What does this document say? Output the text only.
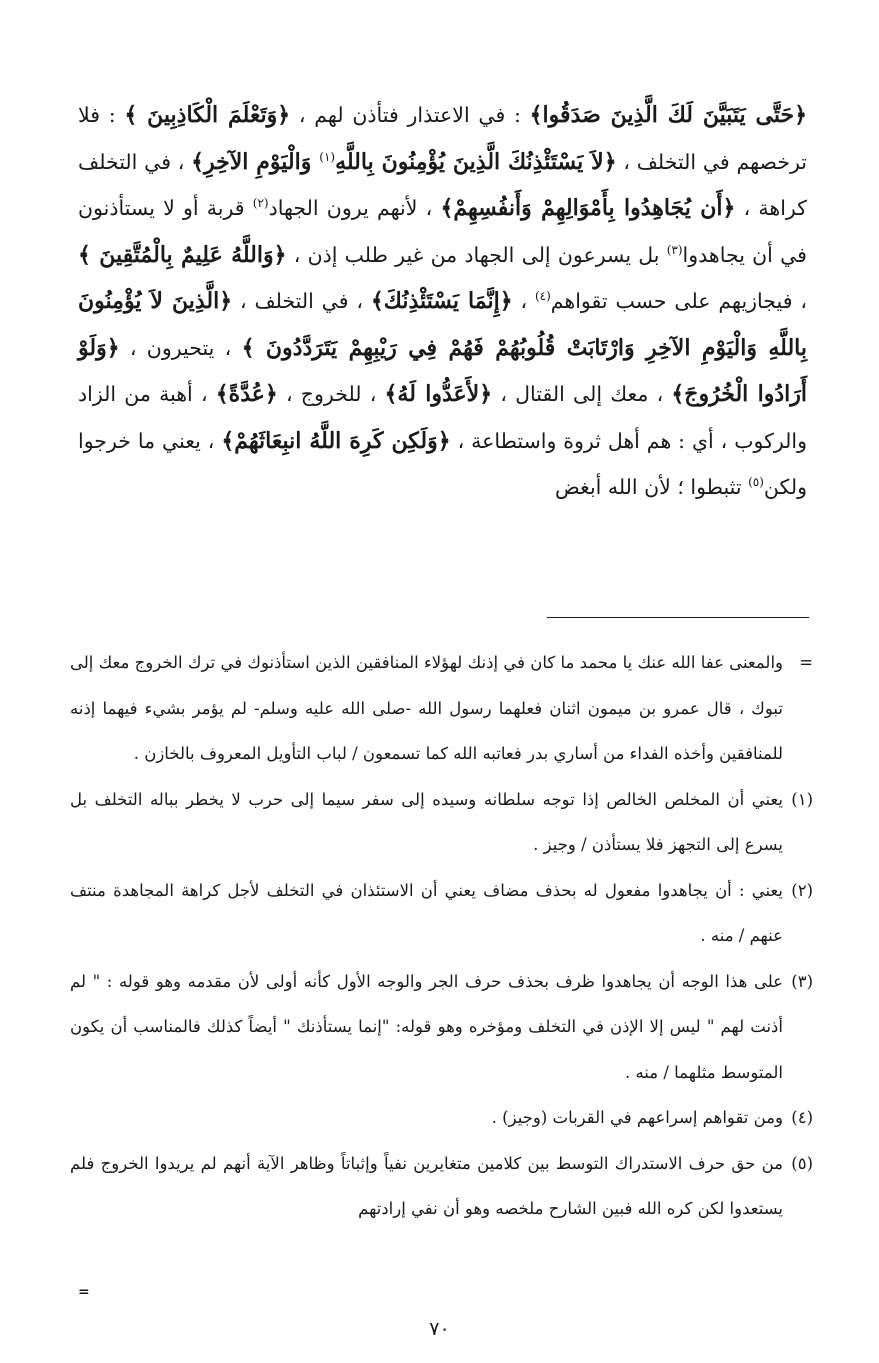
﴿حَتَّى يَتَبَيَّنَ لَكَ الَّذِينَ صَدَقُوا﴾ : في الاعتذار فتأذن لهم ، ﴿وَتَعْلَمَ الْكَاذِبِينَ ﴾ : فلا ترخصهم في التخلف ، ﴿لاَ يَسْتَئْذِنُكَ الَّذِينَ يُؤْمِنُونَ بِاللَّهِ$^{(١)}$ وَالْيَوْمِ الآخِرِ﴾ ، في التخلف كراهة ، ﴿أَن يُجَاهِدُوا بِأَمْوَالِهِمْ وَأَنفُسِهِمْ﴾ ، لأنهم يرون الجهاد$^{(٢)}$ قربة أو لا يستأذنون في أن يجاهدوا$^{(٣)}$ بل يسرعون إلى الجهاد من غير طلب إذن ، ﴿وَاللَّهُ عَلِيمٌ بِالْمُتَّقِينَ ﴾ ، فيجازيهم على حسب تقواهم$^{(٤)}$ ، ﴿إِنَّمَا يَسْتَئْذِنُكَ﴾ ، في التخلف ، ﴿الَّذِينَ لاَ يُؤْمِنُونَ بِاللَّهِ وَالْيَوْمِ الآخِرِ وَارْتَابَتْ قُلُوبُهُمْ فَهُمْ فِي رَيْبِهِمْ يَتَرَدَّدُونَ ﴾ ، يتحيرون ، ﴿وَلَوْ أَرَادُوا الْخُرُوجَ﴾ ، معك إلى القتال ، ﴿لأَعَدُّوا لَهُ﴾ ، للخروج ، ﴿عُدَّةً﴾ ، أهبة من الزاد والركوب ، أي : هم أهل ثروة واستطاعة ، ﴿وَلَكِن كَرِهَ اللَّهُ انبِعَاثَهُمْ﴾ ، يعني ما خرجوا ولكن$^{(٥)}$ تثبطوا ؛ لأن الله أبغض

=
والمعنى عفا الله عنك يا محمد ما كان في إذنك لهؤلاء المنافقين الذين استأذنوك في ترك الخروج معك إلى تبوك ، قال عمرو بن ميمون اثنان فعلهما رسول الله -صلى الله عليه وسلم- لم يؤمر بشيء فيهما إذنه للمنافقين وأخذه الفداء من أساري بدر فعاتبه الله كما تسمعون / لباب التأويل المعروف بالخازن .
(١)
يعني أن المخلص الخالص إذا توجه سلطانه وسيده إلى سفر سيما إلى حرب لا يخطر بباله التخلف بل يسرع إلى التجهز فلا يستأذن / وجيز .
(٢)
يعني : أن يجاهدوا مفعول له بحذف مضاف يعني أن الاستئذان في التخلف لأجل كراهة المجاهدة منتف عنهم / منه .
(٣)
على هذا الوجه أن يجاهدوا ظرف بحذف حرف الجر والوجه الأول كأنه أولى لأن مقدمه وهو قوله : " لم أذنت لهم " ليس إلا الإذن في التخلف ومؤخره وهو قوله: "إنما يستأذنك " أيضاً كذلك فالمناسب أن يكون المتوسط مثلهما / منه .
(٤)
ومن تقواهم إسراعهم في القربات (وجيز) .
(٥)
من حق حرف الاستدراك التوسط بين كلامين متغايرين نفياً وإثباتاً وظاهر الآية أنهم لم يريدوا الخروج فلم يستعدوا لكن كره الله فبين الشارح ملخصه وهو أن نفي إرادتهم
=
٧٠
